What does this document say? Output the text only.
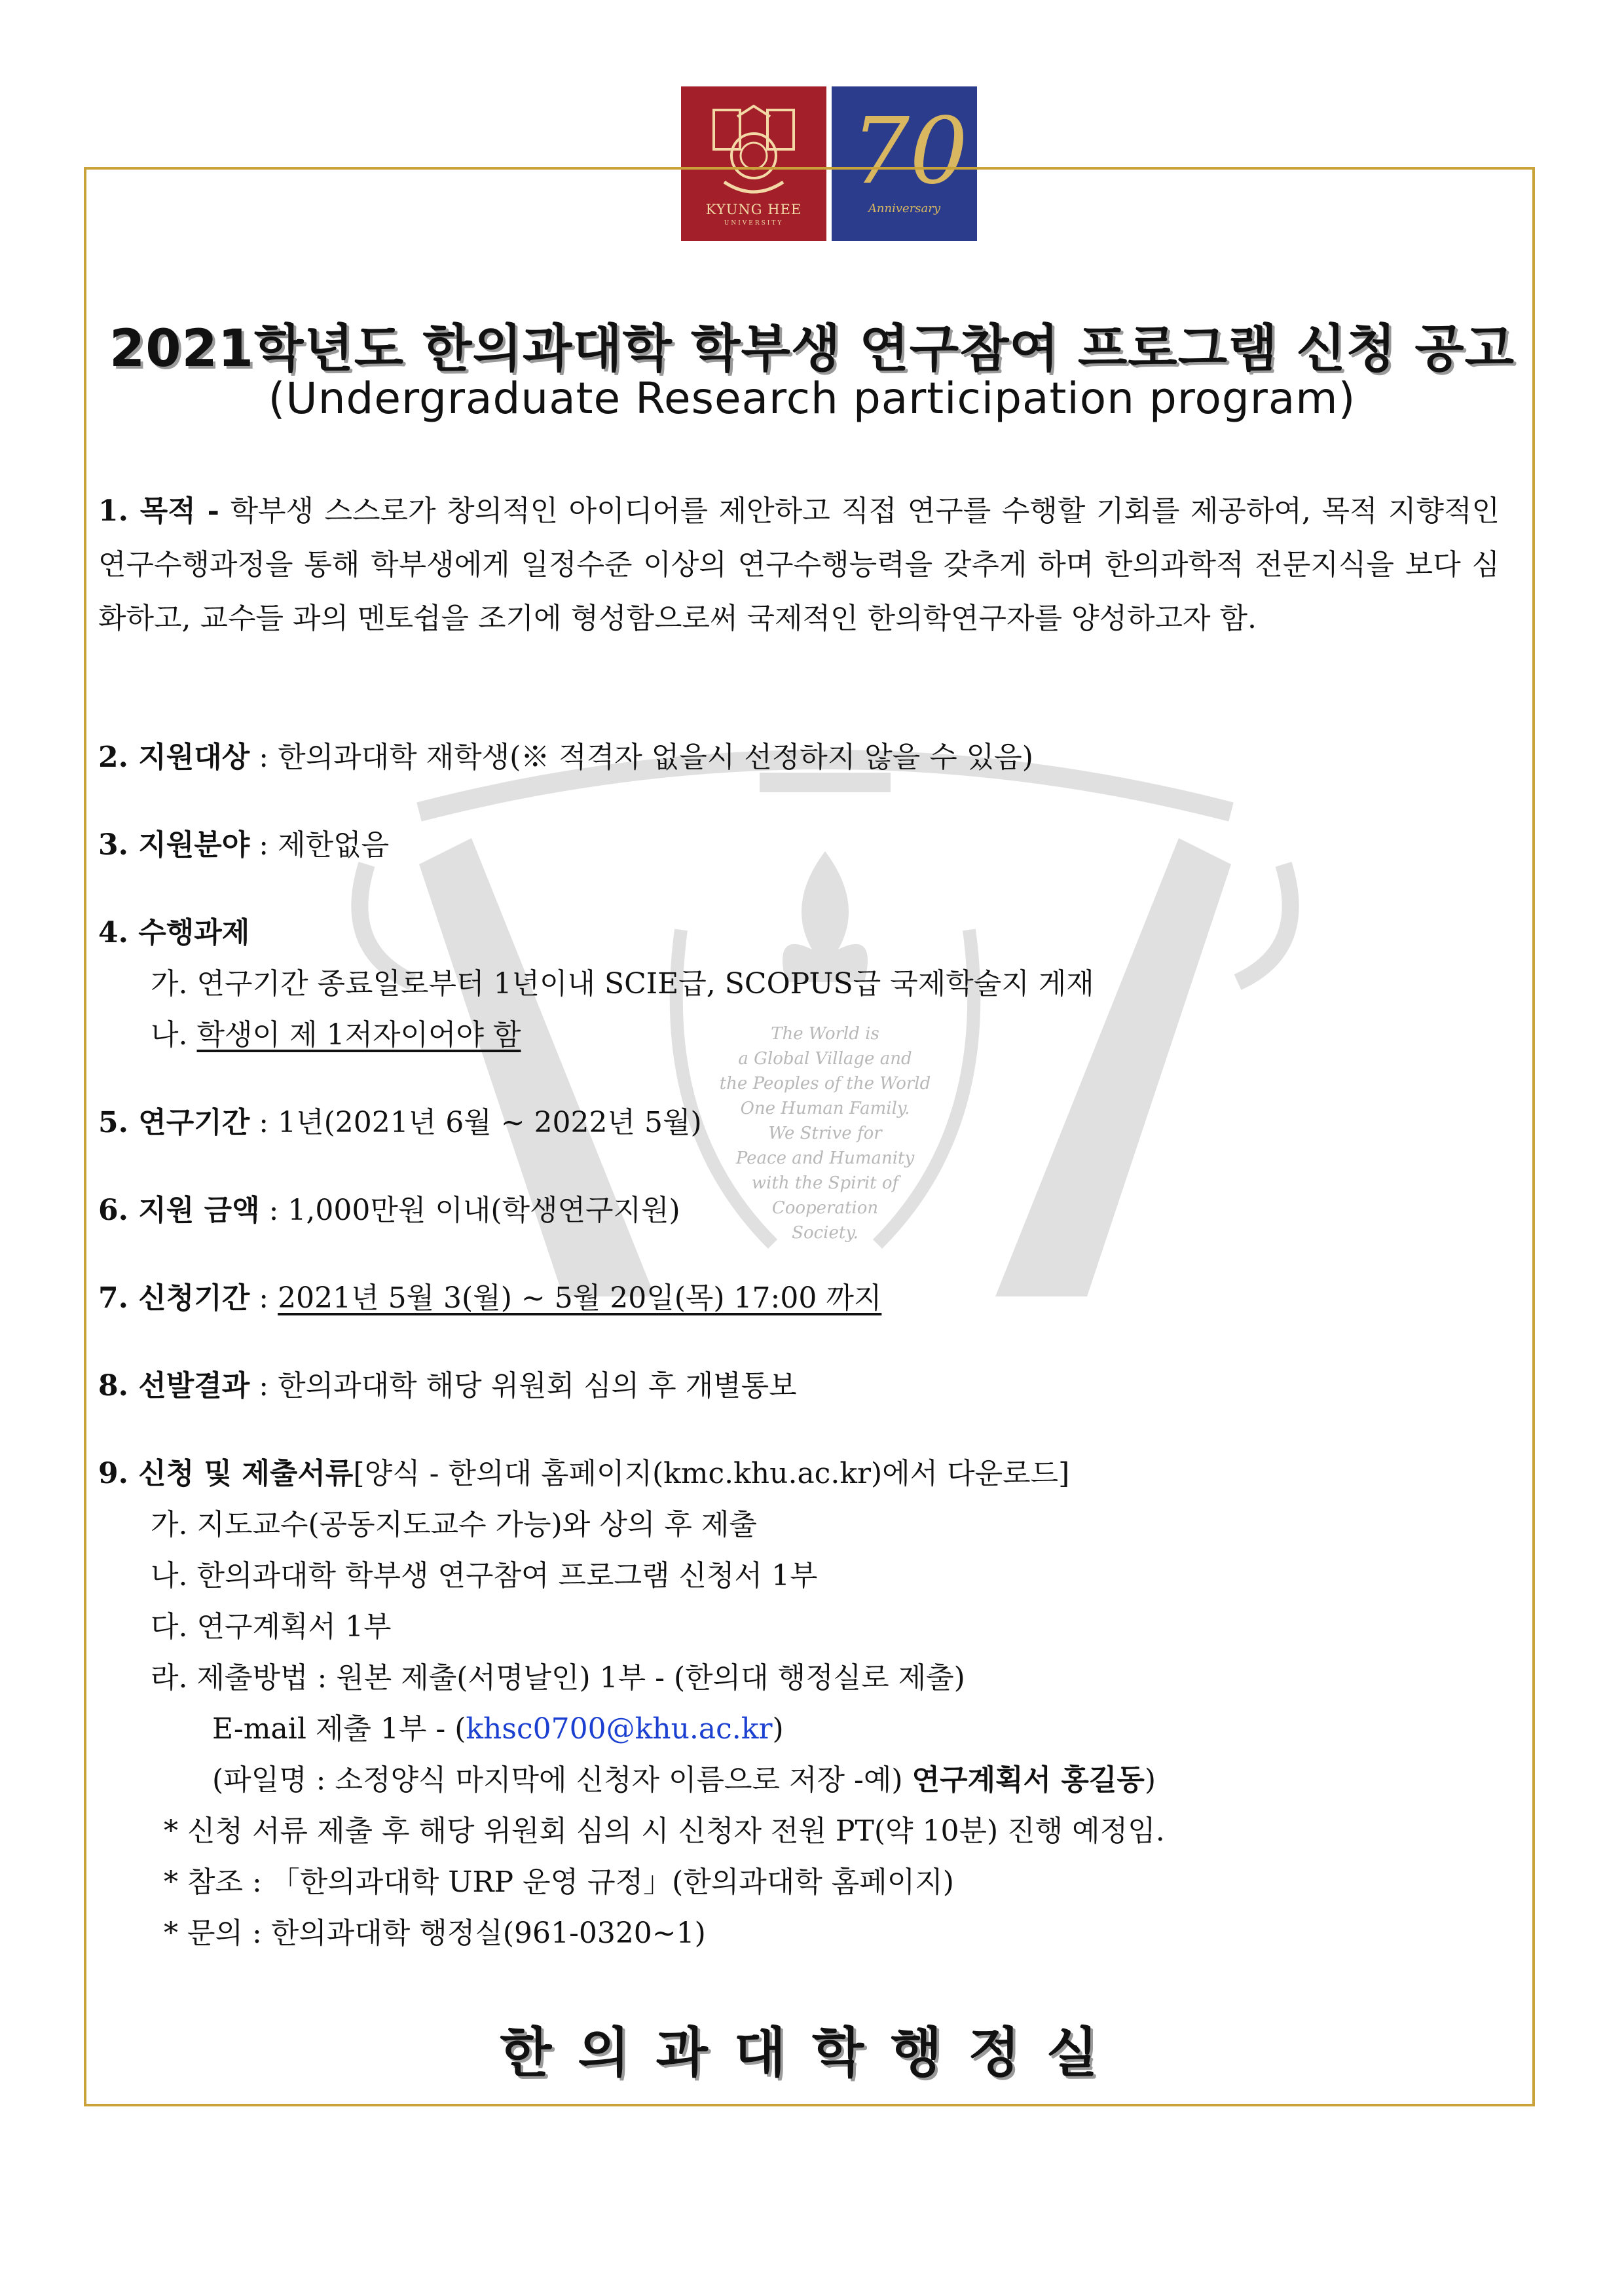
KYUNG HEE
UNIVERSITY
70
Anniversary
The World is
a Global Village and
the Peoples of the World
One Human Family.
We Strive for
Peace and Humanity
with the Spirit of
Cooperation
Society.
2021학년도 한의과대학 학부생 연구참여 프로그램 신청 공고
(Undergraduate Research participation program)

1. 목적 - 학부생 스스로가 창의적인 아이디어를 제안하고 직접 연구를 수행할 기회를 제공하여, 목적 지향적인 연구수행과정을 통해 학부생에게 일정수준 이상의 연구수행능력을 갖추게 하며 한의과학적 전문지식을 보다 심화하고, 교수들 과의 멘토쉽을 조기에 형성함으로써 국제적인 한의학연구자를 양성하고자 함.

2. 지원대상 : 한의과대학 재학생(※ 적격자 없을시 선정하지 않을 수 있음)

3. 지원분야 : 제한없음

4. 수행과제

가. 연구기간 종료일로부터 1년이내 SCIE급, SCOPUS급 국제학술지 게재

나. 학생이 제 1저자이어야 함

5. 연구기간 : 1년(2021년 6월 ~ 2022년 5월)

6. 지원 금액 : 1,000만원 이내(학생연구지원)

7. 신청기간 : 2021년 5월 3(월) ~ 5월 20일(목) 17:00 까지

8. 선발결과 : 한의과대학 해당 위원회 심의 후 개별통보

9. 신청 및 제출서류[양식 - 한의대 홈페이지(kmc.khu.ac.kr)에서 다운로드]

가. 지도교수(공동지도교수 가능)와 상의 후 제출

나. 한의과대학 학부생 연구참여 프로그램 신청서 1부

다. 연구계획서 1부

라. 제출방법 : 원본 제출(서명날인) 1부 - (한의대 행정실로 제출)

E-mail 제출 1부 - (khsc0700@khu.ac.kr)

(파일명 : 소정양식 마지막에 신청자 이름으로 저장 -예) 연구계획서 홍길동)

* 신청 서류 제출 후 해당 위원회 심의 시 신청자 전원 PT(약 10분) 진행 예정임.

* 참조 : 「한의과대학 URP 운영 규정」(한의과대학 홈페이지)

* 문의 : 한의과대학 행정실(961-0320~1)

한의과대학행정실
